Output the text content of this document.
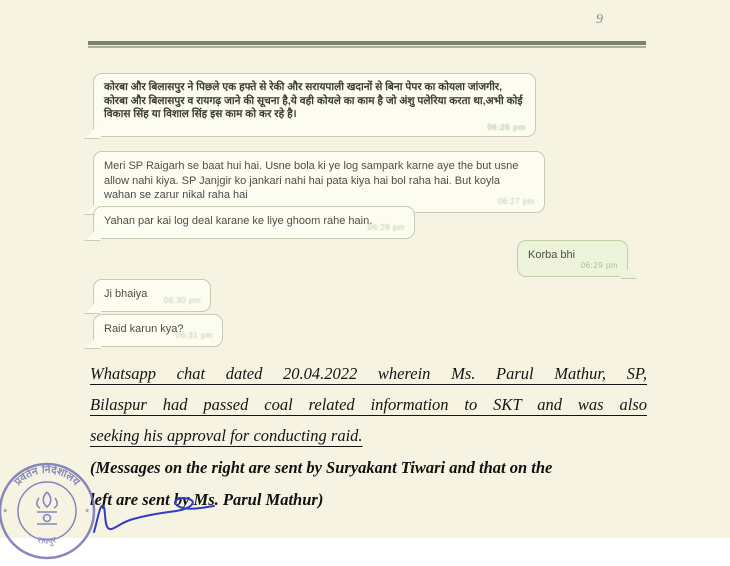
9
कोरबा और बिलासपुर ने पिछले एक हफ्ते से रेकी और सरायपाली खदानों से बिना पेपर का कोयला जांजगीर, कोरबा और बिलासपुर व रायगढ़ जाने की सूचना है,ये वही कोयले का काम है जो अंशु पलेरिया करता था,अभी कोई विकास सिंह या विशाल सिंह इस काम को कर रहे है।
06:26 pm
Meri SP Raigarh se baat hui hai. Usne bola ki ye log sampark karne aye the but usne allow nahi kiya. SP Janjgir ko jankari nahi hai pata kiya hai bol raha hai. But koyla wahan se zarur nikal raha hai
06:27 pm
Yahan par kai log deal karane ke liye ghoom rahe hain.
06:28 pm
Korba bhi
06:29 pm
Ji bhaiya
06:30 pm
Raid karun kya?
06:31 pm
Whatsapp chat dated 20.04.2022 wherein Ms. Parul Mathur, SP,
Bilaspur had passed coal related information to SKT and was also
seeking his approval for conducting raid.
(Messages on the right are sent by Suryakant Tiwari and that on the
left are sent by Ms. Parul Mathur)
प्रवर्तन निदेशालय
रायपुर
*	*
